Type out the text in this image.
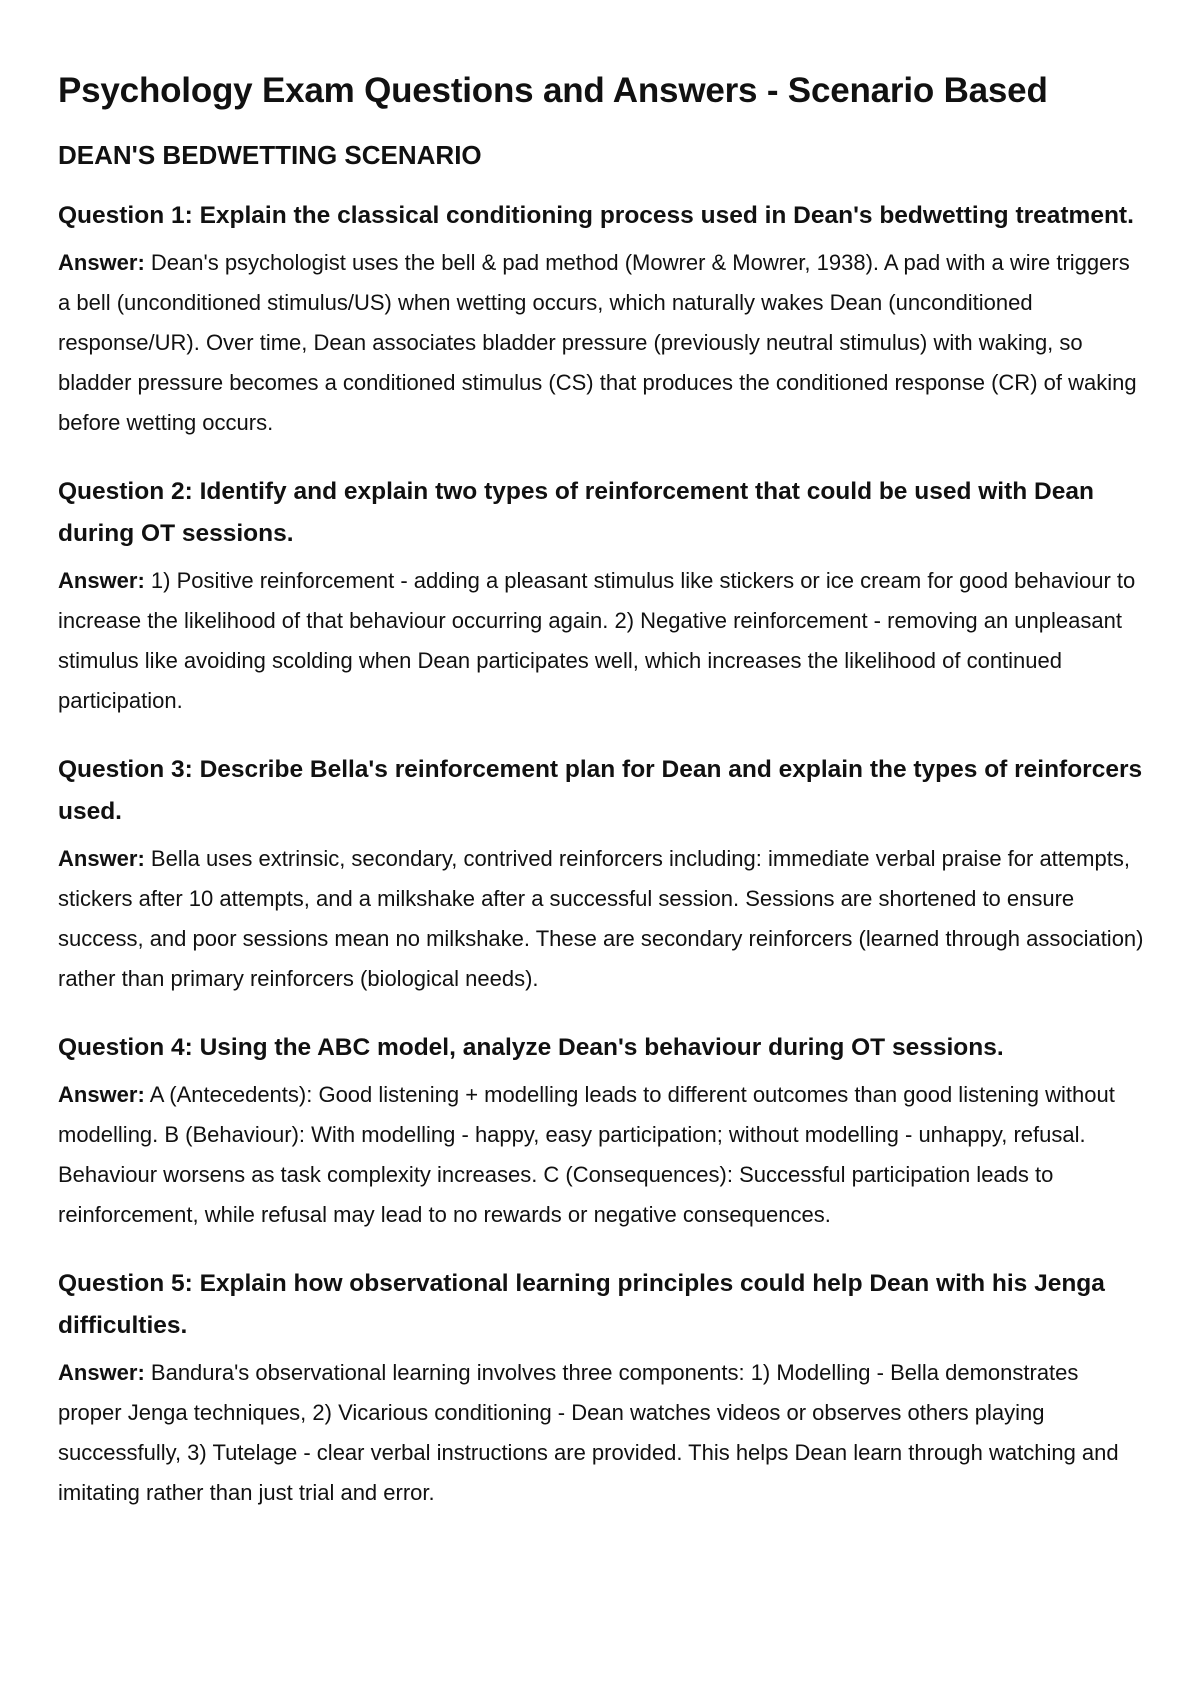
Psychology Exam Questions and Answers - Scenario Based
DEAN'S BEDWETTING SCENARIO

Question 1: Explain the classical conditioning process used in Dean's bedwetting treatment.

Answer: Dean's psychologist uses the bell & pad method (Mowrer & Mowrer, 1938). A pad with a wire triggers a bell (unconditioned stimulus/US) when wetting occurs, which naturally wakes Dean (unconditioned response/UR). Over time, Dean associates bladder pressure (previously neutral stimulus) with waking, so bladder pressure becomes a conditioned stimulus (CS) that produces the conditioned response (CR) of waking before wetting occurs.

Question 2: Identify and explain two types of reinforcement that could be used with Dean during OT sessions.

Answer: 1) Positive reinforcement - adding a pleasant stimulus like stickers or ice cream for good behaviour to increase the likelihood of that behaviour occurring again. 2) Negative reinforcement - removing an unpleasant stimulus like avoiding scolding when Dean participates well, which increases the likelihood of continued participation.

Question 3: Describe Bella's reinforcement plan for Dean and explain the types of reinforcers used.

Answer: Bella uses extrinsic, secondary, contrived reinforcers including: immediate verbal praise for attempts, stickers after 10 attempts, and a milkshake after a successful session. Sessions are shortened to ensure success, and poor sessions mean no milkshake. These are secondary reinforcers (learned through association) rather than primary reinforcers (biological needs).

Question 4: Using the ABC model, analyze Dean's behaviour during OT sessions.

Answer: A (Antecedents): Good listening + modelling leads to different outcomes than good listening without modelling. B (Behaviour): With modelling - happy, easy participation; without modelling - unhappy, refusal. Behaviour worsens as task complexity increases. C (Consequences): Successful participation leads to reinforcement, while refusal may lead to no rewards or negative consequences.

Question 5: Explain how observational learning principles could help Dean with his Jenga difficulties.

Answer: Bandura's observational learning involves three components: 1) Modelling - Bella demonstrates proper Jenga techniques, 2) Vicarious conditioning - Dean watches videos or observes others playing successfully, 3) Tutelage - clear verbal instructions are provided. This helps Dean learn through watching and imitating rather than just trial and error.
